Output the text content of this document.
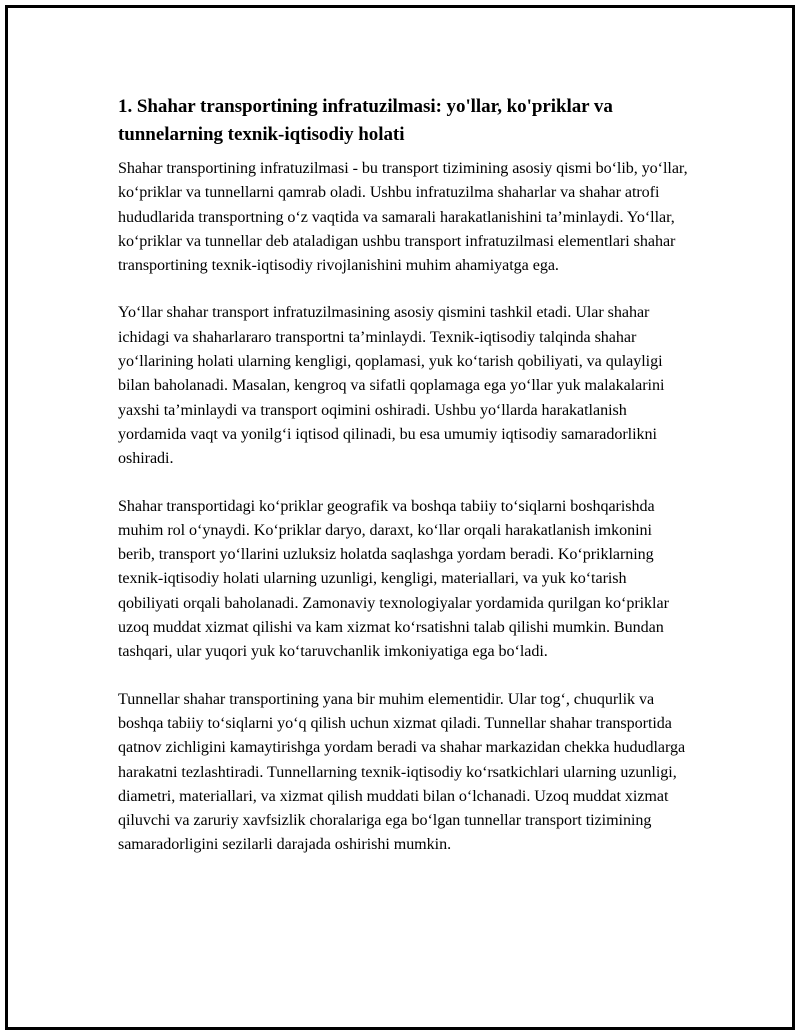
1. Shahar transportining infratuzilmasi: yo'llar, ko'priklar va tunnelarning texnik-iqtisodiy holati

Shahar transportining infratuzilmasi - bu transport tizimining asosiy qismi bo‘lib, yo‘llar, ko‘priklar va tunnellarni qamrab oladi. Ushbu infratuzilma shaharlar va shahar atrofi hududlarida transportning o‘z vaqtida va samarali harakatlanishini ta’minlaydi. Yo‘llar, ko‘priklar va tunnellar deb ataladigan ushbu transport infratuzilmasi elementlari shahar transportining texnik-iqtisodiy rivojlanishini muhim ahamiyatga ega.

Yo‘llar shahar transport infratuzilmasining asosiy qismini tashkil etadi. Ular shahar ichidagi va shaharlararo transportni ta’minlaydi. Texnik-iqtisodiy talqinda shahar yo‘llarining holati ularning kengligi, qoplamasi, yuk ko‘tarish qobiliyati, va qulayligi bilan baholanadi. Masalan, kengroq va sifatli qoplamaga ega yo‘llar yuk malakalarini yaxshi ta’minlaydi va transport oqimini oshiradi. Ushbu yo‘llarda harakatlanish yordamida vaqt va yonilg‘i iqtisod qilinadi, bu esa umumiy iqtisodiy samaradorlikni oshiradi.

Shahar transportidagi ko‘priklar geografik va boshqa tabiiy to‘siqlarni boshqarishda muhim rol o‘ynaydi. Ko‘priklar daryo, daraxt, ko‘llar orqali harakatlanish imkonini berib, transport yo‘llarini uzluksiz holatda saqlashga yordam beradi. Ko‘priklarning texnik-iqtisodiy holati ularning uzunligi, kengligi, materiallari, va yuk ko‘tarish qobiliyati orqali baholanadi. Zamonaviy texnologiyalar yordamida qurilgan ko‘priklar uzoq muddat xizmat qilishi va kam xizmat ko‘rsatishni talab qilishi mumkin. Bundan tashqari, ular yuqori yuk ko‘taruvchanlik imkoniyatiga ega bo‘ladi.

Tunnellar shahar transportining yana bir muhim elementidir. Ular tog‘, chuqurlik va boshqa tabiiy to‘siqlarni yo‘q qilish uchun xizmat qiladi. Tunnellar shahar transportida qatnov zichligini kamaytirishga yordam beradi va shahar markazidan chekka hududlarga harakatni tezlashtiradi. Tunnellarning texnik-iqtisodiy ko‘rsatkichlari ularning uzunligi, diametri, materiallari, va xizmat qilish muddati bilan o‘lchanadi. Uzoq muddat xizmat qiluvchi va zaruriy xavfsizlik choralariga ega bo‘lgan tunnellar transport tizimining samaradorligini sezilarli darajada oshirishi mumkin.
